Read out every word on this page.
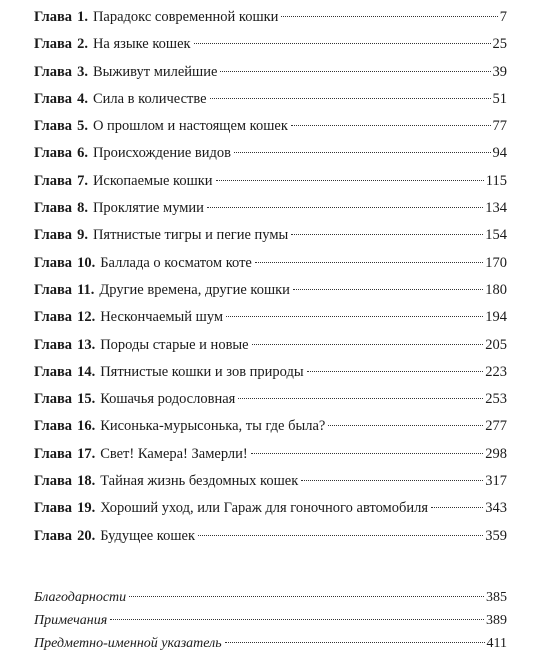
Глава 1. Парадокс современной кошки	7
Глава 2. На языке кошек	25
Глава 3. Выживут милейшие	39
Глава 4. Сила в количестве	51
Глава 5. О прошлом и настоящем кошек	77
Глава 6. Происхождение видов	94
Глава 7. Ископаемые кошки	115
Глава 8. Проклятие мумии	134
Глава 9. Пятнистые тигры и пегие пумы	154
Глава 10. Баллада о косматом коте	170
Глава 11. Другие времена, другие кошки	180
Глава 12. Нескончаемый шум	194
Глава 13. Породы старые и новые	205
Глава 14. Пятнистые кошки и зов природы	223
Глава 15. Кошачья родословная	253
Глава 16. Кисонька-мурысонька, ты где была?	277
Глава 17. Свет! Камера! Замерли!	298
Глава 18. Тайная жизнь бездомных кошек	317
Глава 19. Хороший уход, или Гараж для гоночного автомобиля	343
Глава 20. Будущее кошек	359
Благодарности	385
Примечания	389
Предметно-именной указатель	411
